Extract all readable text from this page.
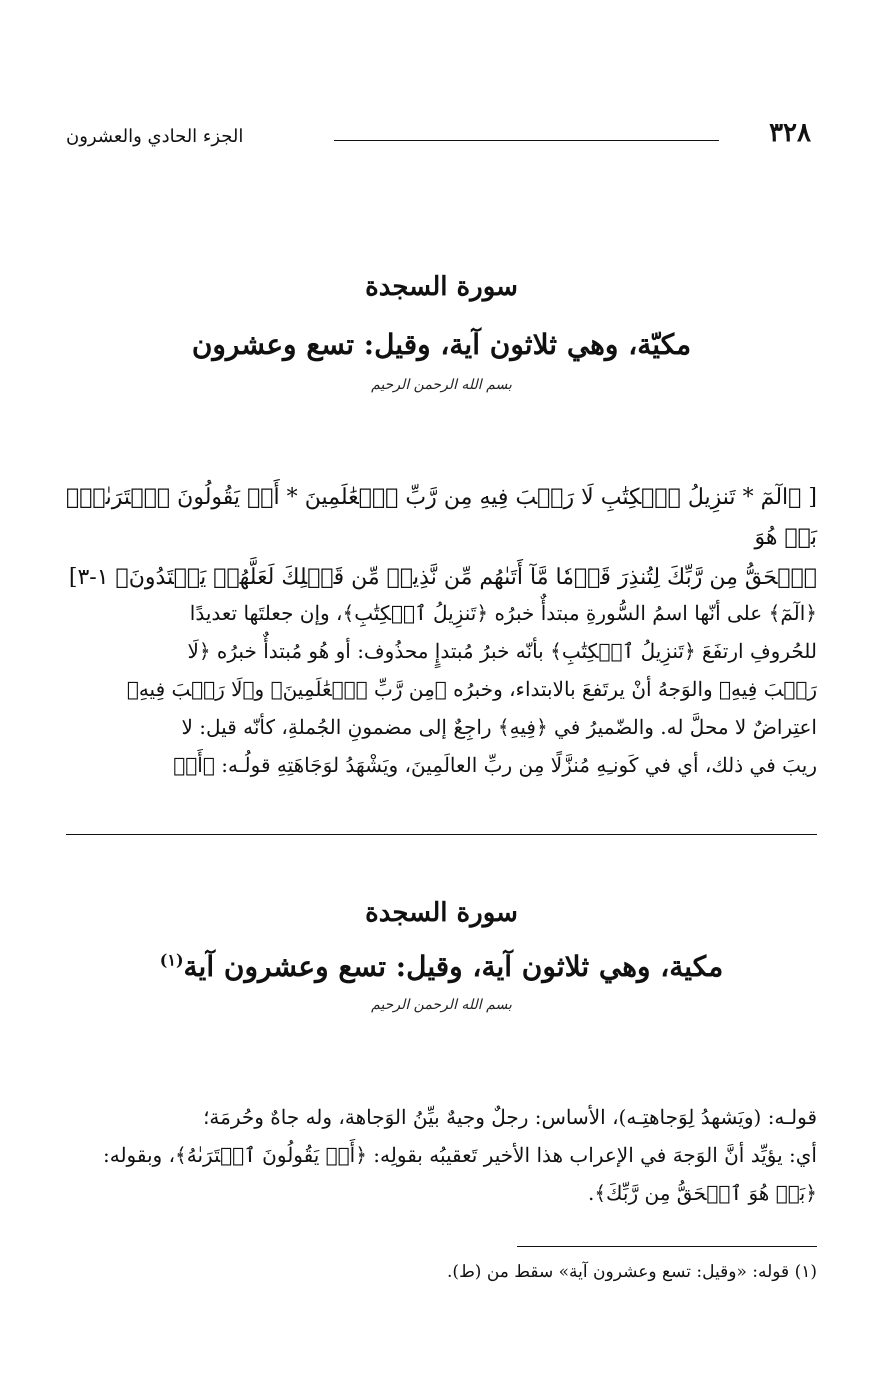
٣٢٨
الجزء الحادي والعشرون
سورة السجدة
مكيّة، وهي ثلاثون آية، وقيل: تسع وعشرون
بسم الله الرحمن الرحيم
[ ﴿الٓمٓ * تَنزِيلُ ٱلۡكِتَٰبِ لَا رَيۡبَ فِيهِ مِن رَّبِّ ٱلۡعَٰلَمِينَ * أَمۡ يَقُولُونَ ٱفۡتَرَىٰهُۚ بَلۡ هُوَ
ٱلۡحَقُّ مِن رَّبِّكَ لِتُنذِرَ قَوۡمٗا مَّآ أَتَىٰهُم مِّن نَّذِيرٖ مِّن قَبۡلِكَ لَعَلَّهُمۡ يَهۡتَدُونَ﴾ ١-٣]
﴿الٓمٓ﴾ على أنّها اسمُ السُّورةِ مبتدأٌ خبرُه ﴿تَنزِيلُ ٱلۡكِتَٰبِ﴾، وإن جعلتَها تعديدًا
للحُروفِ ارتفَعَ ﴿تَنزِيلُ ٱلۡكِتَٰبِ﴾ بأنّه خبرُ مُبتدإٍ محذُوف: أو هُو مُبتدأٌ خبرُه ﴿لَا
رَيۡبَ فِيهِ﴾ والوَجهُ أنْ يرتَفعَ بالابتداء، وخبرُه ﴿مِن رَّبِّ ٱلۡعَٰلَمِينَ﴾ و﴿لَا رَيۡبَ فِيهِ﴾
اعتِراضٌ لا محلَّ له. والضّميرُ في ﴿فِيهِ﴾ راجِعٌ إلى مضمونِ الجُملةِ، كأنّه قيل: لا
ريبَ في ذلك، أي في كَونـِهِ مُنزَّلًا مِن ربِّ العالَمِينَ، ويَشْهَدُ لوَجَاهَتِهِ قولُـه: ﴿أَمۡ
سورة السجدة
مكية، وهي ثلاثون آية، وقيل: تسع وعشرون آية$^{(١)}$
بسم الله الرحمن الرحيم
قولـه: (ويَشهدُ لِوَجاهتِـه)، الأساس: رجلٌ وجيهٌ بيِّنُ الوَجاهة، وله جاهٌ وحُرمَة؛
أي: يؤيِّد أنَّ الوَجهَ في الإعراب هذا الأخير تَعقيبُه بقولِه: ﴿أَمۡ يَقُولُونَ ٱفۡتَرَىٰهُ﴾، وبقوله:
﴿بَلۡ هُوَ ٱلۡحَقُّ مِن رَّبِّكَ﴾.
(١) قوله: «وقيل: تسع وعشرون آية» سقط من (ط).
